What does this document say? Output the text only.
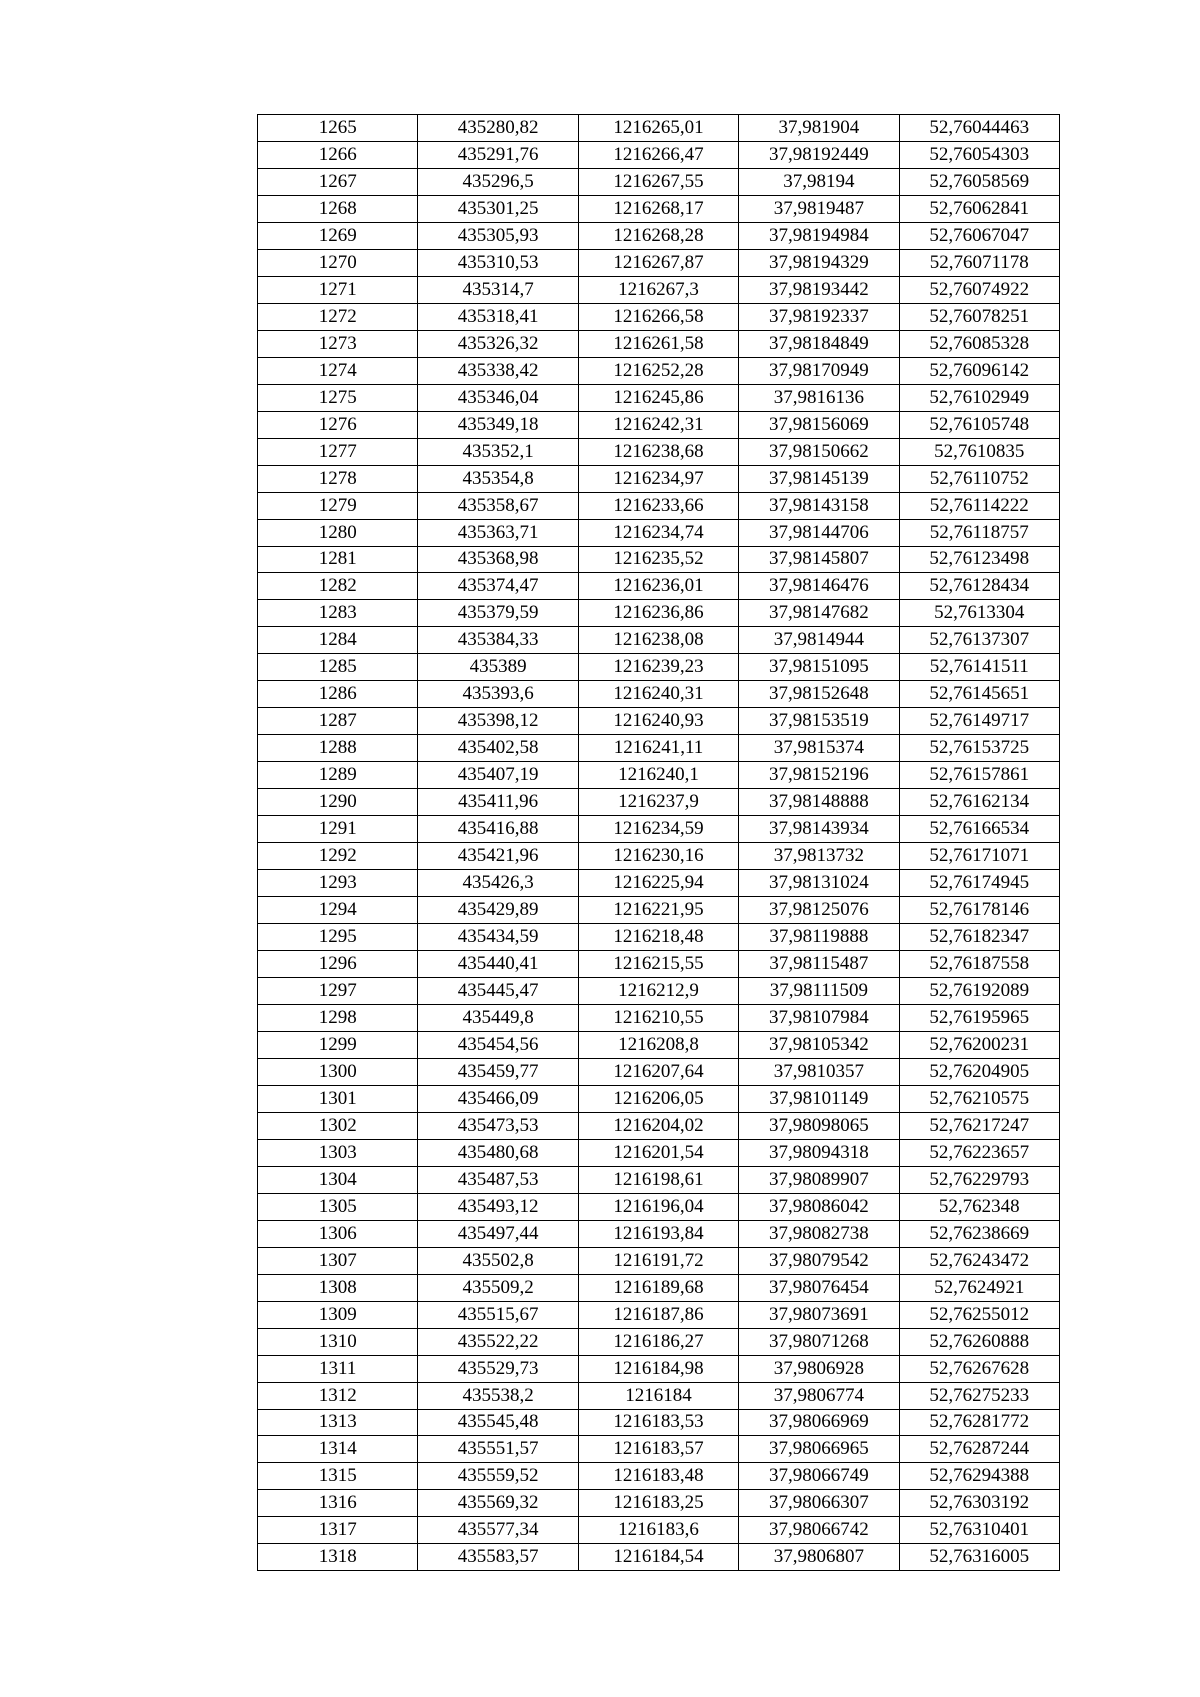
1265	435280,82	1216265,01	37,981904	52,76044463
1266	435291,76	1216266,47	37,98192449	52,76054303
1267	435296,5	1216267,55	37,98194	52,76058569
1268	435301,25	1216268,17	37,9819487	52,76062841
1269	435305,93	1216268,28	37,98194984	52,76067047
1270	435310,53	1216267,87	37,98194329	52,76071178
1271	435314,7	1216267,3	37,98193442	52,76074922
1272	435318,41	1216266,58	37,98192337	52,76078251
1273	435326,32	1216261,58	37,98184849	52,76085328
1274	435338,42	1216252,28	37,98170949	52,76096142
1275	435346,04	1216245,86	37,9816136	52,76102949
1276	435349,18	1216242,31	37,98156069	52,76105748
1277	435352,1	1216238,68	37,98150662	52,7610835
1278	435354,8	1216234,97	37,98145139	52,76110752
1279	435358,67	1216233,66	37,98143158	52,76114222
1280	435363,71	1216234,74	37,98144706	52,76118757
1281	435368,98	1216235,52	37,98145807	52,76123498
1282	435374,47	1216236,01	37,98146476	52,76128434
1283	435379,59	1216236,86	37,98147682	52,7613304
1284	435384,33	1216238,08	37,9814944	52,76137307
1285	435389	1216239,23	37,98151095	52,76141511
1286	435393,6	1216240,31	37,98152648	52,76145651
1287	435398,12	1216240,93	37,98153519	52,76149717
1288	435402,58	1216241,11	37,9815374	52,76153725
1289	435407,19	1216240,1	37,98152196	52,76157861
1290	435411,96	1216237,9	37,98148888	52,76162134
1291	435416,88	1216234,59	37,98143934	52,76166534
1292	435421,96	1216230,16	37,9813732	52,76171071
1293	435426,3	1216225,94	37,98131024	52,76174945
1294	435429,89	1216221,95	37,98125076	52,76178146
1295	435434,59	1216218,48	37,98119888	52,76182347
1296	435440,41	1216215,55	37,98115487	52,76187558
1297	435445,47	1216212,9	37,98111509	52,76192089
1298	435449,8	1216210,55	37,98107984	52,76195965
1299	435454,56	1216208,8	37,98105342	52,76200231
1300	435459,77	1216207,64	37,9810357	52,76204905
1301	435466,09	1216206,05	37,98101149	52,76210575
1302	435473,53	1216204,02	37,98098065	52,76217247
1303	435480,68	1216201,54	37,98094318	52,76223657
1304	435487,53	1216198,61	37,98089907	52,76229793
1305	435493,12	1216196,04	37,98086042	52,762348
1306	435497,44	1216193,84	37,98082738	52,76238669
1307	435502,8	1216191,72	37,98079542	52,76243472
1308	435509,2	1216189,68	37,98076454	52,7624921
1309	435515,67	1216187,86	37,98073691	52,76255012
1310	435522,22	1216186,27	37,98071268	52,76260888
1311	435529,73	1216184,98	37,9806928	52,76267628
1312	435538,2	1216184	37,9806774	52,76275233
1313	435545,48	1216183,53	37,98066969	52,76281772
1314	435551,57	1216183,57	37,98066965	52,76287244
1315	435559,52	1216183,48	37,98066749	52,76294388
1316	435569,32	1216183,25	37,98066307	52,76303192
1317	435577,34	1216183,6	37,98066742	52,76310401
1318	435583,57	1216184,54	37,9806807	52,76316005
